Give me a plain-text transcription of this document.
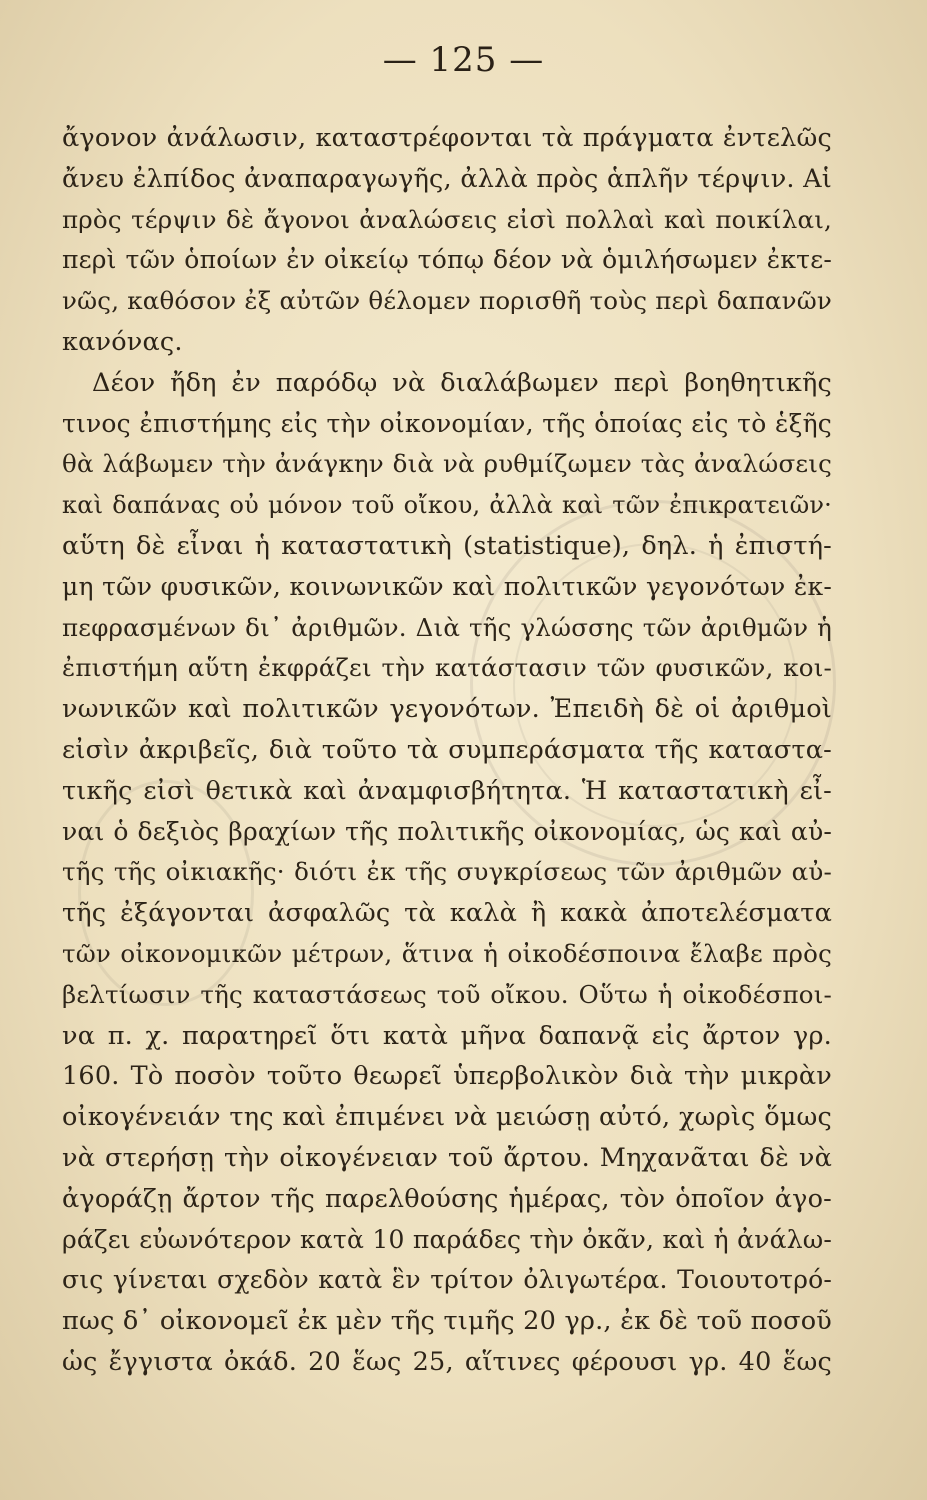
— 125 —
ἄγονον ἀνάλωσιν, καταστρέφονται τὰ πράγματα ἐντελῶς
ἄνευ ἐλπίδος ἀναπαραγωγῆς, ἀλλὰ πρὸς ἁπλῆν τέρψιν. Αἱ
πρὸς τέρψιν δὲ ἄγονοι ἀναλώσεις εἰσὶ πολλαὶ καὶ ποικίλαι,
περὶ τῶν ὁποίων ἐν οἰκείῳ τόπῳ δέον νὰ ὁμιλήσωμεν ἐκτε-
νῶς, καθόσον ἐξ αὐτῶν θέλομεν πορισθῆ τοὺς περὶ δαπανῶν
κανόνας.
Δέον ἤδη ἐν παρόδῳ νὰ διαλάβωμεν περὶ βοηθητικῆς
τινος ἐπιστήμης εἰς τὴν οἰκονομίαν, τῆς ὁποίας εἰς τὸ ἑξῆς
θὰ λάβωμεν τὴν ἀνάγκην διὰ νὰ ρυθμίζωμεν τὰς ἀναλώσεις
καὶ δαπάνας οὐ μόνον τοῦ οἴκου, ἀλλὰ καὶ τῶν ἐπικρατειῶν·
αὕτη δὲ εἶναι ἡ καταστατικὴ (statistique), δηλ. ἡ ἐπιστή-
μη τῶν φυσικῶν, κοινωνικῶν καὶ πολιτικῶν γεγονότων ἐκ-
πεφρασμένων δι᾽ ἀριθμῶν. Διὰ τῆς γλώσσης τῶν ἀριθμῶν ἡ
ἐπιστήμη αὕτη ἐκφράζει τὴν κατάστασιν τῶν φυσικῶν, κοι-
νωνικῶν καὶ πολιτικῶν γεγονότων. Ἐπειδὴ δὲ οἱ ἀριθμοὶ
εἰσὶν ἀκριβεῖς, διὰ τοῦτο τὰ συμπεράσματα τῆς καταστα-
τικῆς εἰσὶ θετικὰ καὶ ἀναμφισβήτητα. Ἡ καταστατικὴ εἶ-
ναι ὁ δεξιὸς βραχίων τῆς πολιτικῆς οἰκονομίας, ὡς καὶ αὐ-
τῆς τῆς οἰκιακῆς· διότι ἐκ τῆς συγκρίσεως τῶν ἀριθμῶν αὐ-
τῆς ἐξάγονται ἀσφαλῶς τὰ καλὰ ἢ κακὰ ἀποτελέσματα
τῶν οἰκονομικῶν μέτρων, ἅτινα ἡ οἰκοδέσποινα ἔλαβε πρὸς
βελτίωσιν τῆς καταστάσεως τοῦ οἴκου. Οὕτω ἡ οἰκοδέσποι-
να π. χ. παρατηρεῖ ὅτι κατὰ μῆνα δαπανᾷ εἰς ἄρτον γρ.
160. Τὸ ποσὸν τοῦτο θεωρεῖ ὑπερβολικὸν διὰ τὴν μικρὰν
οἰκογένειάν της καὶ ἐπιμένει νὰ μειώσῃ αὐτό, χωρὶς ὅμως
νὰ στερήσῃ τὴν οἰκογένειαν τοῦ ἄρτου. Μηχανᾶται δὲ νὰ
ἀγοράζῃ ἄρτον τῆς παρελθούσης ἡμέρας, τὸν ὁποῖον ἀγο-
ράζει εὐωνότερον κατὰ 10 παράδες τὴν ὀκᾶν, καὶ ἡ ἀνάλω-
σις γίνεται σχεδὸν κατὰ ἓν τρίτον ὀλιγωτέρα. Τοιουτοτρό-
πως δ᾽ οἰκονομεῖ ἐκ μὲν τῆς τιμῆς 20 γρ., ἐκ δὲ τοῦ ποσοῦ
ὡς ἔγγιστα ὀκάδ. 20 ἕως 25, αἵτινες φέρουσι γρ. 40 ἕως
